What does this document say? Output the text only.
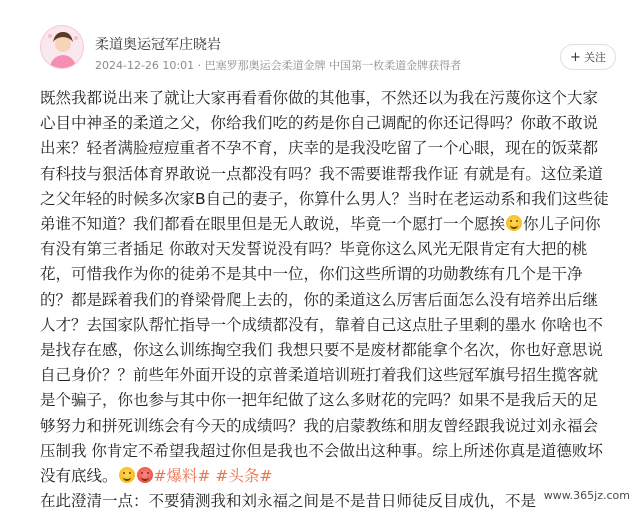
柔道奥运冠军庄晓岩
2024-12-26 10:01 · 巴塞罗那奥运会柔道金牌 中国第一枚柔道金牌获得者
+ 关注

既然我都说出来了就让大家再看看你做的其他事，不然还以为我在污蔑你这个大家心目中神圣的柔道之父，你给我们吃的药是你自己调配的你还记得吗？你敢不敢说出来？轻者满脸痘痘重者不孕不育，庆幸的是我没吃留了一个心眼，现在的饭菜都有科技与狠活体育界敢说一点都没有吗？我不需要谁帮我作证 有就是有。这位柔道之父年轻的时候多次家B自己的妻子，你算什么男人？当时在老运动系和我们这些徒弟谁不知道？我们都看在眼里但是无人敢说，毕竟一个愿打一个愿挨 你儿子问你有没有第三者插足 你敢对天发誓说没有吗？毕竟你这么风光无限肯定有大把的桃花，可惜我作为你的徒弟不是其中一位，你们这些所谓的功勋教练有几个是干净的？都是踩着我们的脊梁骨爬上去的，你的柔道这么厉害后面怎么没有培养出后继人才？去国家队帮忙指导一个成绩都没有，靠着自己这点肚子里剩的墨水 你啥也不是找存在感，你这么训练掏空我们 我想只要不是废材都能拿个名次，你也好意思说自己身价？？前些年外面开设的京普柔道培训班打着我们这些冠军旗号招生揽客就是个骗子，你也参与其中你一把年纪做了这么多财花的完吗？如果不是我后天的足够努力和拼死训练会有今天的成绩吗？我的启蒙教练和朋友曾经跟我说过刘永福会压制我 你肯定不希望我超过你但是我也不会做出这种事。综上所述你真是道德败坏没有底线。 #爆料# #头条#

在此澄清一点：不要猜测我和刘永福之间是不是昔日师徒反目成仇，不是 www.365jz.com
